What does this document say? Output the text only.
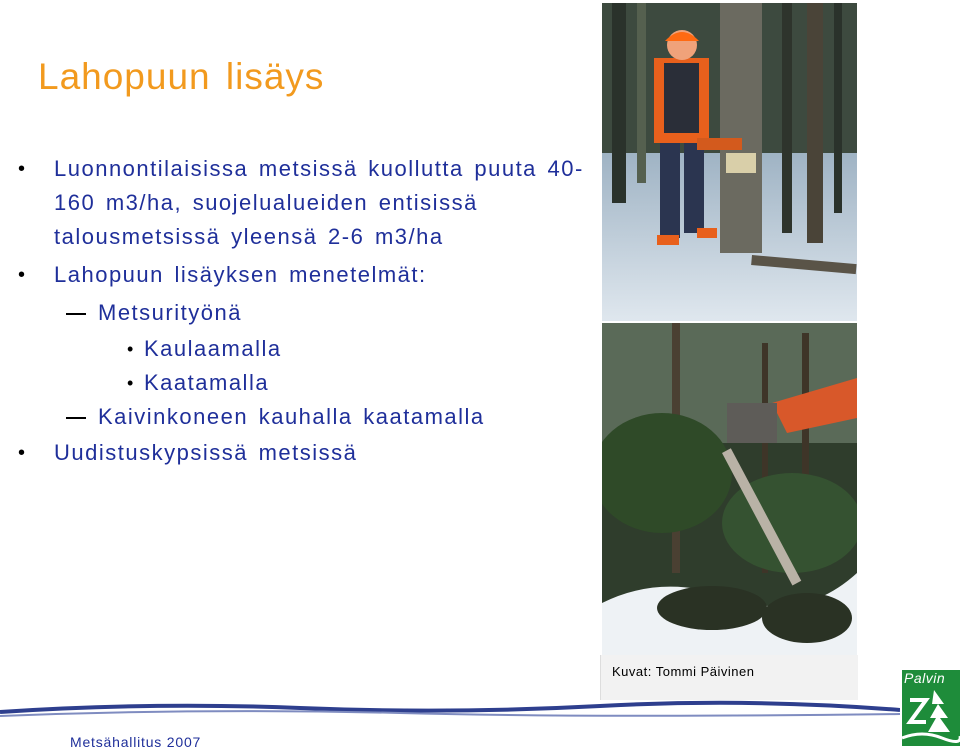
Lahopuun lisäys
• Luonnontilaisissa metsissä kuollutta puuta 40-160 m3/ha, suojelualueiden entisissä talousmetsissä yleensä 2-6 m3/ha
• Lahopuun lisäyksen menetelmät:
Metsurityönä
• Kaulaamalla
• Kaatamalla
Kaivinkoneen kauhalla kaatamalla
• Uudistuskypsissä metsissä
Kuvat: Tommi Päivinen
Metsähallitus 2007
Palvin
